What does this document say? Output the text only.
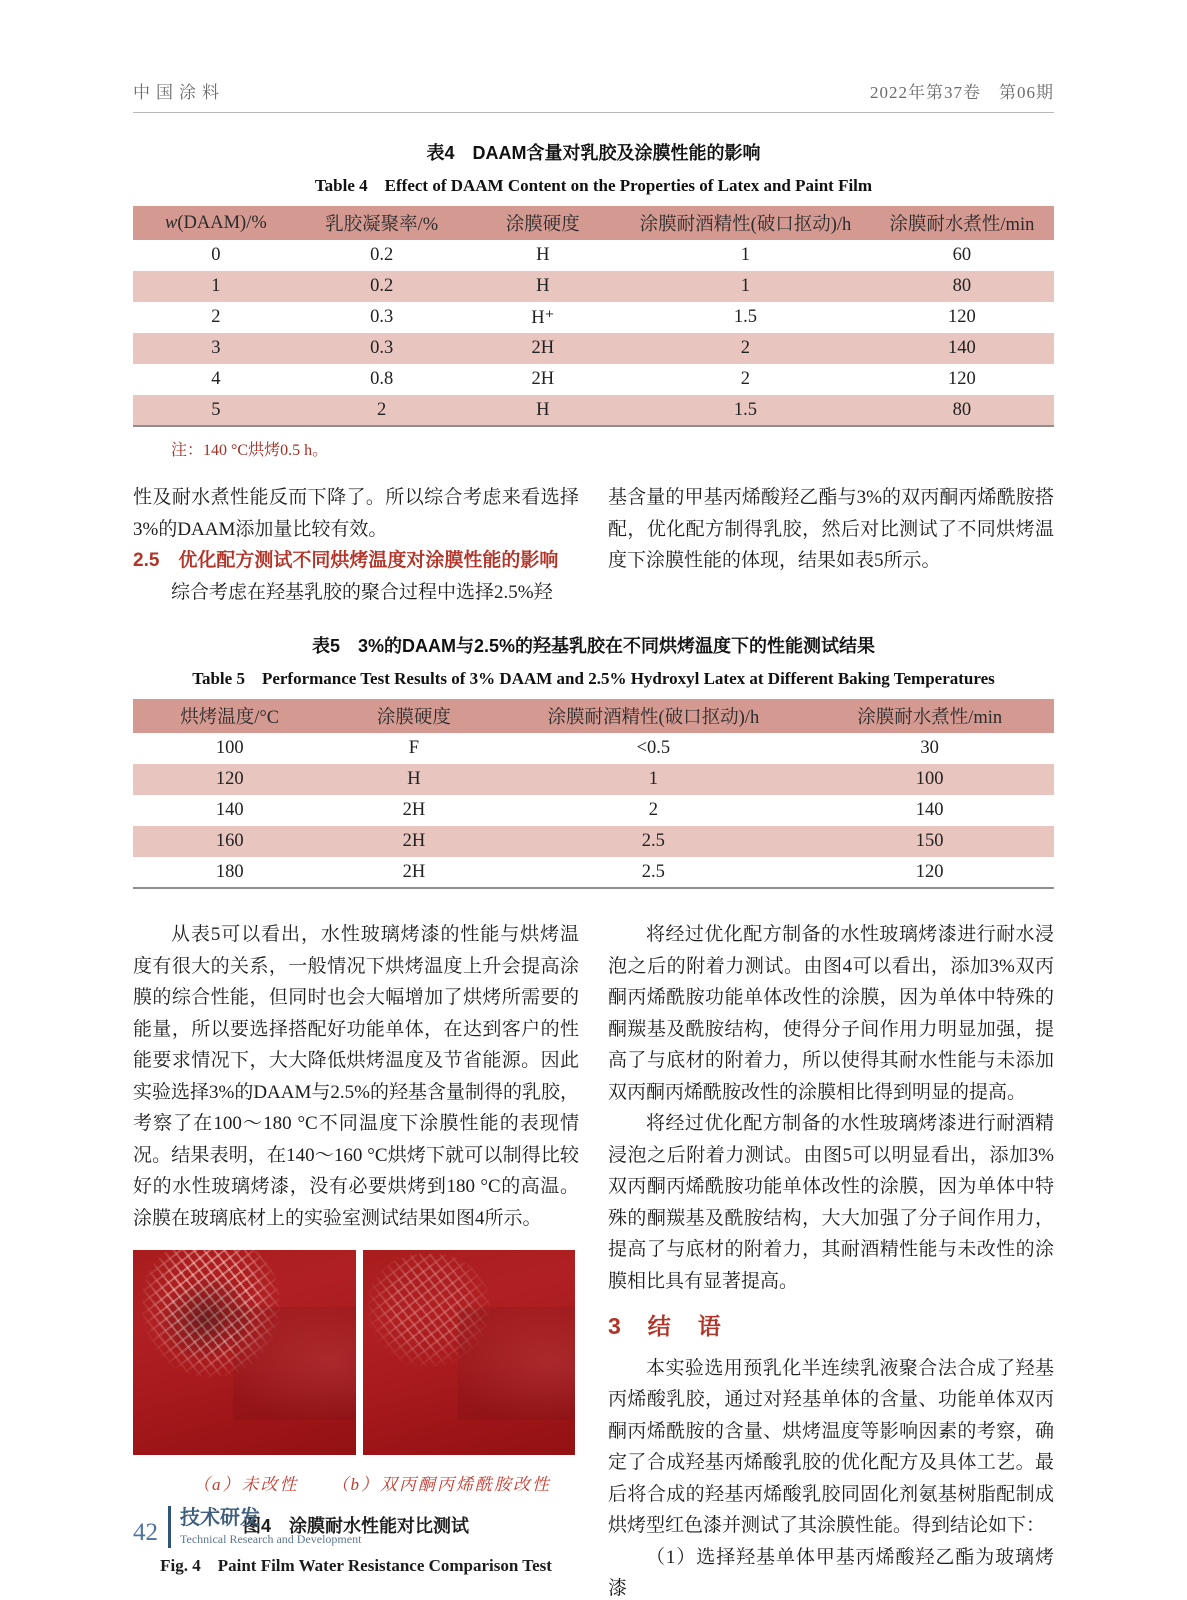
中国涂料	2022年第37卷　第06期
表4　DAAM含量对乳胶及涂膜性能的影响
Table 4　Effect of DAAM Content on the Properties of Latex and Paint Film
w(DAAM)/%	乳胶凝聚率/%	涂膜硬度	涂膜耐酒精性(破口抠动)/h	涂膜耐水煮性/min
0	0.2	H	1	60
1	0.2	H	1	80
2	0.3	H⁺	1.5	120
3	0.3	2H	2	140
4	0.8	2H	2	120
5	2	H	1.5	80
注：140 °C烘烤0.5 h。

性及耐水煮性能反而下降了。所以综合考虑来看选择3%的DAAM添加量比较有效。

2.5　优化配方测试不同烘烤温度对涂膜性能的影响

综合考虑在羟基乳胶的聚合过程中选择2.5%羟

基含量的甲基丙烯酸羟乙酯与3%的双丙酮丙烯酰胺搭配，优化配方制得乳胶，然后对比测试了不同烘烤温度下涂膜性能的体现，结果如表5所示。

表5　3%的DAAM与2.5%的羟基乳胶在不同烘烤温度下的性能测试结果
Table 5　Performance Test Results of 3% DAAM and 2.5% Hydroxyl Latex at Different Baking Temperatures
烘烤温度/°C	涂膜硬度	涂膜耐酒精性(破口抠动)/h	涂膜耐水煮性/min
100	F	<0.5	30
120	H	1	100
140	2H	2	140
160	2H	2.5	150
180	2H	2.5	120

从表5可以看出，水性玻璃烤漆的性能与烘烤温度有很大的关系，一般情况下烘烤温度上升会提高涂膜的综合性能，但同时也会大幅增加了烘烤所需要的能量，所以要选择搭配好功能单体，在达到客户的性能要求情况下，大大降低烘烤温度及节省能源。因此实验选择3%的DAAM与2.5%的羟基含量制得的乳胶，考察了在100～180 °C不同温度下涂膜性能的表现情况。结果表明，在140～160 °C烘烤下就可以制得比较好的水性玻璃烤漆，没有必要烘烤到180 °C的高温。涂膜在玻璃底材上的实验室测试结果如图4所示。

（a）未改性 （b）双丙酮丙烯酰胺改性
图4　涂膜耐水性能对比测试
Fig. 4　Paint Film Water Resistance Comparison Test

将经过优化配方制备的水性玻璃烤漆进行耐水浸泡之后的附着力测试。由图4可以看出，添加3%双丙酮丙烯酰胺功能单体改性的涂膜，因为单体中特殊的酮羰基及酰胺结构，使得分子间作用力明显加强，提高了与底材的附着力，所以使得其耐水性能与未添加双丙酮丙烯酰胺改性的涂膜相比得到明显的提高。

将经过优化配方制备的水性玻璃烤漆进行耐酒精浸泡之后附着力测试。由图5可以明显看出，添加3%双丙酮丙烯酰胺功能单体改性的涂膜，因为单体中特殊的酮羰基及酰胺结构，大大加强了分子间作用力，提高了与底材的附着力，其耐酒精性能与未改性的涂膜相比具有显著提高。

3　结　语

本实验选用预乳化半连续乳液聚合法合成了羟基丙烯酸乳胶，通过对羟基单体的含量、功能单体双丙酮丙烯酰胺的含量、烘烤温度等影响因素的考察，确定了合成羟基丙烯酸乳胶的优化配方及具体工艺。最后将合成的羟基丙烯酸乳胶同固化剂氨基树脂配制成烘烤型红色漆并测试了其涂膜性能。得到结论如下：

（1）选择羟基单体甲基丙烯酸羟乙酯为玻璃烤漆

42
技术研发
Technical Research and Development
